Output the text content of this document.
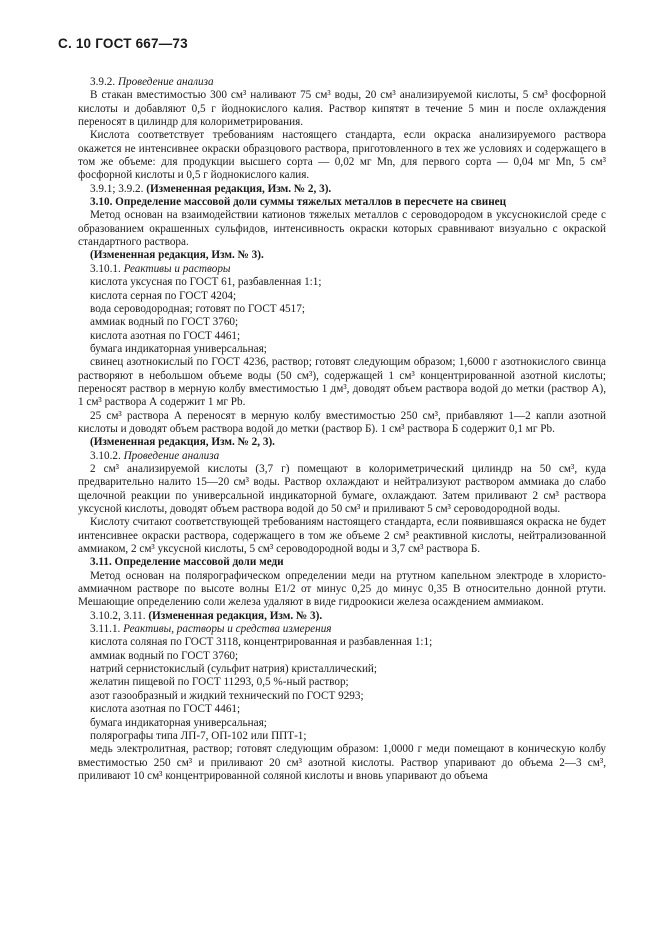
С. 10 ГОСТ 667—73

3.9.2. Проведение анализа

В стакан вместимостью 300 см³ наливают 75 см³ воды, 20 см³ анализируемой кислоты, 5 см³ фосфорной кислоты и добавляют 0,5 г йоднокислого калия. Раствор кипятят в течение 5 мин и после охлаждения переносят в цилиндр для колориметрирования.

Кислота соответствует требованиям настоящего стандарта, если окраска анализируемого раствора окажется не интенсивнее окраски образцового раствора, приготовленного в тех же условиях и содержащего в том же объеме: для продукции высшего сорта — 0,02 мг Mn, для первого сорта — 0,04 мг Mn, 5 см³ фосфорной кислоты и 0,5 г йоднокислого калия.

3.9.1; 3.9.2. (Измененная редакция, Изм. № 2, 3).

3.10. Определение массовой доли суммы тяжелых металлов в пересчете на свинец

Метод основан на взаимодействии катионов тяжелых металлов с сероводородом в уксуснокислой среде с образованием окрашенных сульфидов, интенсивность окраски которых сравнивают визуально с окраской стандартного раствора.

(Измененная редакция, Изм. № 3).

3.10.1. Реактивы и растворы

кислота уксусная по ГОСТ 61, разбавленная 1:1;

кислота серная по ГОСТ 4204;

вода сероводородная; готовят по ГОСТ 4517;

аммиак водный по ГОСТ 3760;

кислота азотная по ГОСТ 4461;

бумага индикаторная универсальная;

свинец азотнокислый по ГОСТ 4236, раствор; готовят следующим образом; 1,6000 г азотнокислого свинца растворяют в небольшом объеме воды (50 см³), содержащей 1 см³ концентрированной азотной кислоты; переносят раствор в мерную колбу вместимостью 1 дм³, доводят объем раствора водой до метки (раствор А), 1 см³ раствора А содержит 1 мг Pb.

25 см³ раствора А переносят в мерную колбу вместимостью 250 см³, прибавляют 1—2 капли азотной кислоты и доводят объем раствора водой до метки (раствор Б). 1 см³ раствора Б содержит 0,1 мг Pb.

(Измененная редакция, Изм. № 2, 3).

3.10.2. Проведение анализа

2 см³ анализируемой кислоты (3,7 г) помещают в колориметрический цилиндр на 50 см³, куда предварительно налито 15—20 см³ воды. Раствор охлаждают и нейтрализуют раствором аммиака до слабо щелочной реакции по универсальной индикаторной бумаге, охлаждают. Затем приливают 2 см³ раствора уксусной кислоты, доводят объем раствора водой до 50 см³ и приливают 5 см³ сероводородной воды.

Кислоту считают соответствующей требованиям настоящего стандарта, если появившаяся окраска не будет интенсивнее окраски раствора, содержащего в том же объеме 2 см³ реактивной кислоты, нейтрализованной аммиаком, 2 см³ уксусной кислоты, 5 см³ сероводородной воды и 3,7 см³ раствора Б.

3.11. Определение массовой доли меди

Метод основан на полярографическом определении меди на ртутном капельном электроде в хлористо-аммиачном растворе по высоте волны E1/2 от минус 0,25 до минус 0,35 В относительно донной ртути. Мешающие определению соли железа удаляют в виде гидроокиси железа осаждением аммиаком.

3.10.2, 3.11. (Измененная редакция, Изм. № 3).

3.11.1. Реактивы, растворы и средства измерения

кислота соляная по ГОСТ 3118, концентрированная и разбавленная 1:1;

аммиак водный по ГОСТ 3760;

натрий сернистокислый (сульфит натрия) кристаллический;

желатин пищевой по ГОСТ 11293, 0,5 %-ный раствор;

азот газообразный и жидкий технический по ГОСТ 9293;

кислота азотная по ГОСТ 4461;

бумага индикаторная универсальная;

полярографы типа ЛП-7, ОП-102 или ППТ-1;

медь электролитная, раствор; готовят следующим образом: 1,0000 г меди помещают в коническую колбу вместимостью 250 см³ и приливают 20 см³ азотной кислоты. Раствор упаривают до объема 2—3 см³, приливают 10 см³ концентрированной соляной кислоты и вновь упаривают до объема
